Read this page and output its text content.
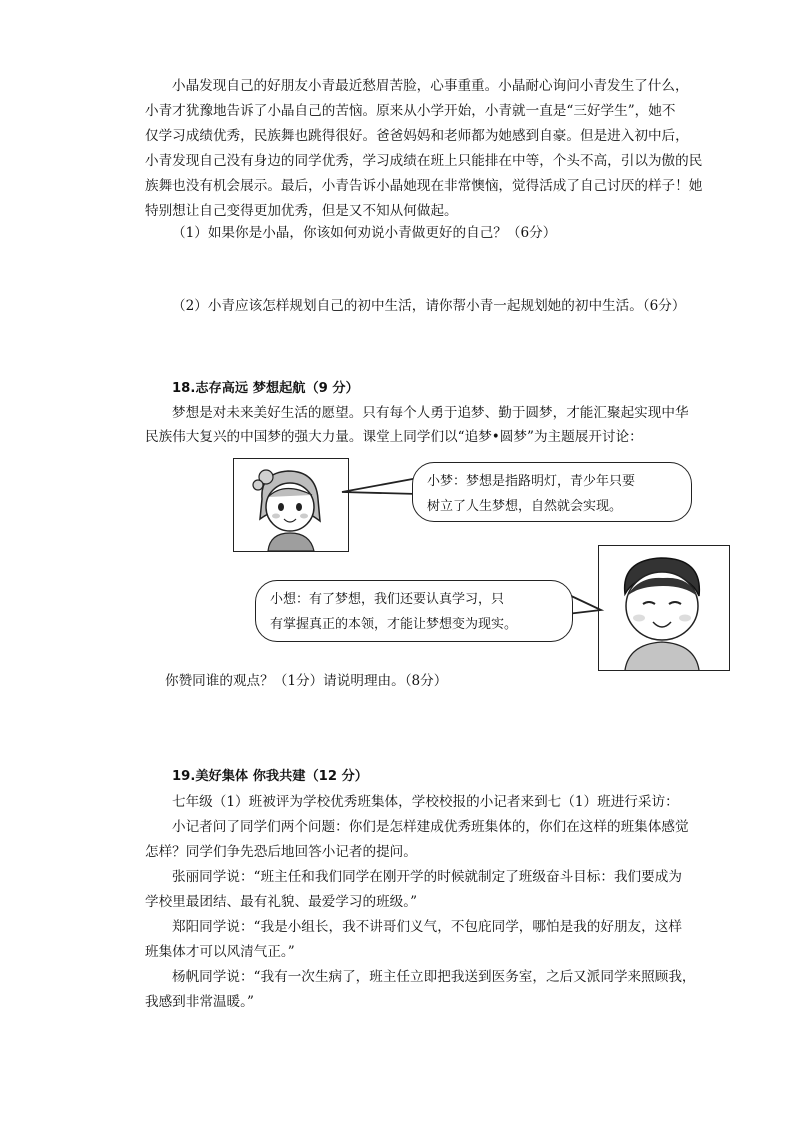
小晶发现自己的好朋友小青最近愁眉苦脸，心事重重。小晶耐心询问小青发生了什么，
小青才犹豫地告诉了小晶自己的苦恼。原来从小学开始，小青就一直是“三好学生”，她不
仅学习成绩优秀，民族舞也跳得很好。爸爸妈妈和老师都为她感到自豪。但是进入初中后，
小青发现自己没有身边的同学优秀，学习成绩在班上只能排在中等，个头不高，引以为傲的民
族舞也没有机会展示。最后，小青告诉小晶她现在非常懊恼，觉得活成了自己讨厌的样子！她
特别想让自己变得更加优秀，但是又不知从何做起。
（1）如果你是小晶，你该如何劝说小青做更好的自己？（6分）
（2）小青应该怎样规划自己的初中生活，请你帮小青一起规划她的初中生活。（6分）
18.志存高远 梦想起航（9 分）
梦想是对未来美好生活的愿望。只有每个人勇于追梦、勤于圆梦，才能汇聚起实现中华
民族伟大复兴的中国梦的强大力量。课堂上同学们以“追梦•圆梦”为主题展开讨论：
小梦：梦想是指路明灯，青少年只要
树立了人生梦想，自然就会实现。
小想：有了梦想，我们还要认真学习，只
有掌握真正的本领，才能让梦想变为现实。
你赞同谁的观点？（1分）请说明理由。（8分）
19.美好集体 你我共建（12 分）
七年级（1）班被评为学校优秀班集体，学校校报的小记者来到七（1）班进行采访：
小记者问了同学们两个问题：你们是怎样建成优秀班集体的，你们在这样的班集体感觉
怎样？同学们争先恐后地回答小记者的提问。
张丽同学说：“班主任和我们同学在刚开学的时候就制定了班级奋斗目标：我们要成为
学校里最团结、最有礼貌、最爱学习的班级。”
郑阳同学说：“我是小组长，我不讲哥们义气，不包庇同学，哪怕是我的好朋友，这样
班集体才可以风清气正。”
杨帆同学说：“我有一次生病了，班主任立即把我送到医务室，之后又派同学来照顾我，
我感到非常温暖。”
